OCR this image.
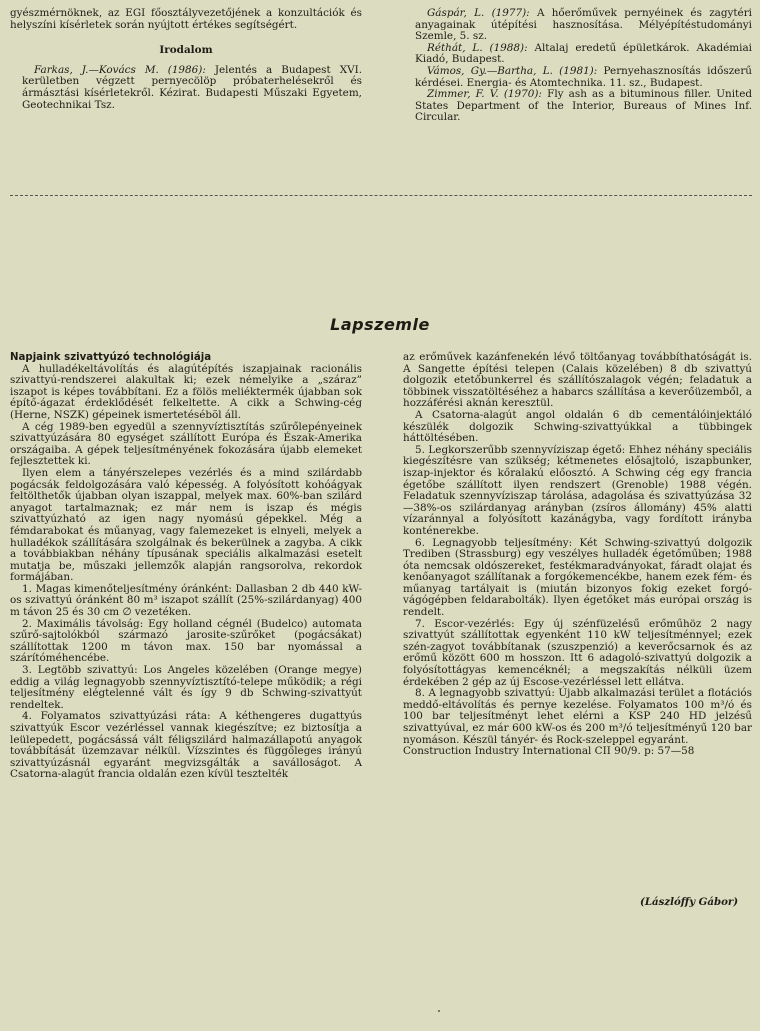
gyészmérnöknek, az EGI főosztályvezetőjének a konzultációk és helyszíni kísérletek során nyújtott értékes segítségért.

Irodalom

Farkas, J.—Kovács M. (1986): Jelentés a Budapest XVI. kerületben végzett pernyecölöp próbaterhelésekről és ármásztási kísérletekről. Kézirat. Budapesti Műszaki Egyetem, Geotechnikai Tsz.

Gáspár, L. (1977): A hőerőművek pernyéinek és zagytéri anyagainak útépítési hasznosítása. Mélyépítéstudományi Szemle, 5. sz.

Réthát, L. (1988): Altalaj eredetű épületkárok. Akadémiai Kiadó, Budapest.

Vámos, Gy.—Bartha, L. (1981): Pernyehasznosítás időszerű kérdései. Energia- és Atomtechnika. 11. sz., Budapest.

Zimmer, F. V. (1970): Fly ash as a bituminous filler. United States Department of the Interior, Bureaus of Mines Inf. Circular.

Lapszemle

Napjaink szivattyúzó technológiája

A hulladékeltávolítás és alagútépítés iszapjainak racionális szivattyú-rendszerei alakultak ki; ezek némelyike a „száraz” iszapot is képes továbbítani. Ez a fölös meliéktermék újabban sok építő-ágazat érdeklődését felkeltette. A cikk a Schwing-cég (Herne, NSZK) gépeinek ismertetésébõl áll.

A cég 1989-ben egyedül a szennyvíztisztítás szűrőlepényeinek szivattyúzására 80 egységet szállított Európa és Észak-Amerika országaiba. A gépek teljesítményének fokozására újabb elemeket fejlesztettek ki.

Ilyen elem a tányérszelepes vezérlés és a mind szilárdabb pogácsák feldolgozására való képesség. A folyósított kohóágyak feltölthetők újabban olyan iszappal, melyek max. 60%-ban szilárd anyagot tartalmaznak; ez már nem is iszap és mégis szivattyúzható az igen nagy nyomású gépekkel. Még a fémdarabokat és műanyag, vagy falemezeket is elnyeli, melyek a hulladékok szállítására szolgálnak és bekerülnek a zagyba. A cikk a továbbiakban néhány típusának speciális alkalmazási esetelt mutatja be, műszaki jellemzők alapján rangsorolva, rekordok formájában.

1. Magas kimenőteljesítmény óránként: Dallasban 2 db 440 kW-os szivattyú óránként 80 m³ iszapot szállít (25%-szilárdanyag) 400 m távon 25 és 30 cm ∅ vezetéken.

2. Maximális távolság: Egy holland cégnél (Budelco) automata szűrő-sajtolókból származó jarosite-szűrőket (pogácsákat) szállítottak 1200 m távon max. 150 bar nyomással a szárítóméhencébe.

3. Legtöbb szivattyú: Los Angeles közelében (Orange megye) eddig a világ legnagyobb szennyvíztisztító-telepe működik; a régi teljesítmény elégtelenné vált és így 9 db Schwing-szivattyút rendeltek.

4. Folyamatos szivattyúzási ráta: A kéthengeres dugattyús szivattyúk Escor vezérléssel vannak kiegészítve; ez biztosítja a leülepedett, pogácsássá vált féligszilárd halmazállapotú anyagok továbbítását üzemzavar nélkül. Vízszintes és függőleges irányú szivattyúzásnál egyaránt megvizsgálták a saválloságot. A Csatorna-alagút francia oldalán ezen kívül tesztelték

az erőművek kazánfenekén lévő töltőanyag továbbíthatóságát is. A Sangette építési telepen (Calais közelében) 8 db szivattyú dolgozik etetőbunkerrel és szállítószalagok végén; feladatuk a többinek visszatöltéséhez a habarcs szállítása a keverőüzemből, a hozzáférési aknán keresztül.

A Csatorna-alagút angol oldalán 6 db cementálóinjektáló készülék dolgozik Schwing-szivattyúkkal a tübbingek háttöltésében.

5. Legkorszerűbb szennyvíziszap égető: Ehhez néhány speciális kiegészítésre van szükség; kétmenetes elősajtoló, iszapbunker, iszap-injektor és kőralakú előosztó. A Schwing cég egy francia égetőbe szállított ilyen rendszert (Grenoble) 1988 végén. Feladatuk szennyvíziszap tárolása, adagolása és szivattyúzása 32—38%-os szilárdanyag arányban (zsíros állomány) 45% alatti vízaránnyal a folyósított kazánágyba, vagy fordított irányba konténerekbe.

6. Legnagyobb teljesítmény: Két Schwing-szivattyú dolgozik Trediben (Strassburg) egy veszélyes hulladék égetőműben; 1988 óta nemcsak oldószereket, festékmaradványokat, fáradt olajat és kenőanyagot szállítanak a forgókemencékbe, hanem ezek fém- és műanyag tartályait is (miután bizonyos fokig ezeket forgó-vágógépben feldarabolták). Ilyen égetőket más európai ország is rendelt.

7. Escor-vezérlés: Egy új szénfüzelésű erőműhöz 2 nagy szivattyút szállítottak egyenként 110 kW teljesítménnyel; ezek szén-zagyot továbbítanak (szuszpenzió) a keverőcsarnok és az erőmű között 600 m hosszon. Itt 6 adagoló-szivattyú dolgozik a folyósítottágyas kemencéknél; a megszakítás nélküli üzem érdekében 2 gép az új Escose-vezérléssel lett ellátva.

8. A legnagyobb szivattyú: Újabb alkalmazási terület a flotációs meddő-eltávolítás és pernye kezelése. Folyamatos 100 m³/ó és 100 bar teljesítményt lehet elérni a KSP 240 HD jelzésű szivattyúval, ez már 600 kW-os és 200 m³/ó teljesítményű 120 bar nyomáson. Készül tányér- és Rock-szeleppel egyaránt.

Construction Industry International CII 90/9. p: 57—58

(Lászlóffy Gábor)
